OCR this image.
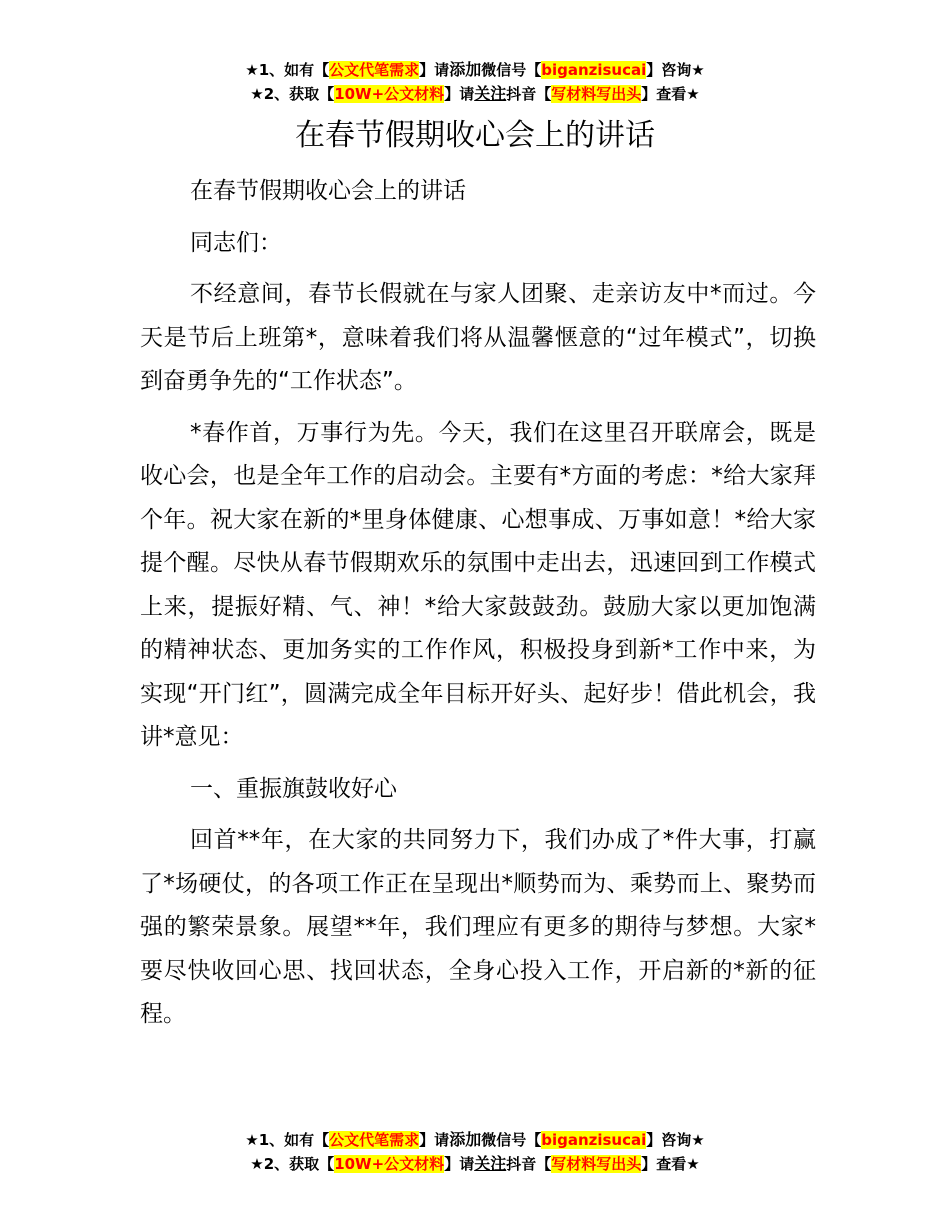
★1、如有【公文代笔需求】请添加微信号【biganzisucai】咨询★
★2、获取【10W+公文材料】请关注抖音【写材料写出头】查看★
在春节假期收心会上的讲话

在春节假期收心会上的讲话

同志们：

不经意间，春节长假就在与家人团聚、走亲访友中*而过。今天是节后上班第*，意味着我们将从温馨惬意的“过年模式”，切换到奋勇争先的“工作状态”。

*春作首，万事行为先。今天，我们在这里召开联席会，既是收心会，也是全年工作的启动会。主要有*方面的考虑：*给大家拜个年。祝大家在新的*里身体健康、心想事成、万事如意！*给大家提个醒。尽快从春节假期欢乐的氛围中走出去，迅速回到工作模式上来，提振好精、气、神！*给大家鼓鼓劲。鼓励大家以更加饱满的精神状态、更加务实的工作作风，积极投身到新*工作中来，为实现“开门红”，圆满完成全年目标开好头、起好步！借此机会，我讲*意见：

一、重振旗鼓收好心

回首**年，在大家的共同努力下，我们办成了*件大事，打赢了*场硬仗，的各项工作正在呈现出*顺势而为、乘势而上、聚势而强的繁荣景象。展望**年，我们理应有更多的期待与梦想。大家*要尽快收回心思、找回状态，全身心投入工作，开启新的*新的征程。

★1、如有【公文代笔需求】请添加微信号【biganzisucai】咨询★
★2、获取【10W+公文材料】请关注抖音【写材料写出头】查看★
